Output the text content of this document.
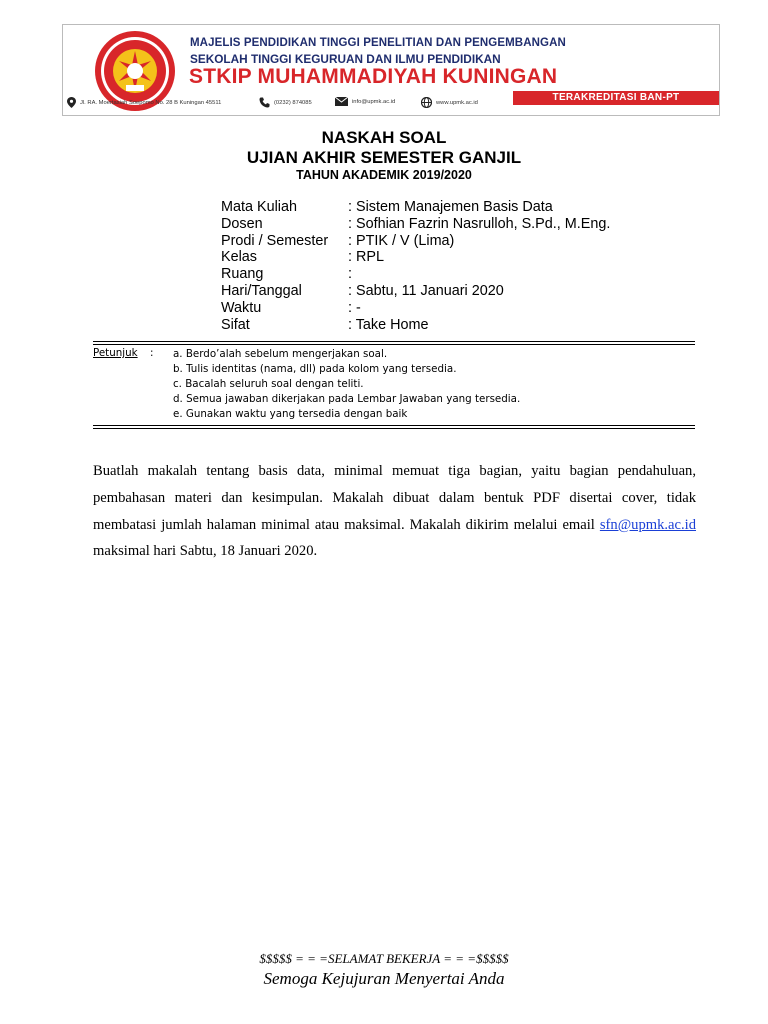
MAJELIS PENDIDIKAN TINGGI PENELITIAN DAN PENGEMBANGAN
SEKOLAH TINGGI KEGURUAN DAN ILMU PENDIDIKAN
STKIP MUHAMMADIYAH KUNINGAN
TERAKREDITASI BAN-PT
Jl. RA. Moertasiah Soepomo No. 28 B Kuningan 45511	(0232) 874085	info@upmk.ac.id	www.upmk.ac.id
NASKAH SOAL
UJIAN AKHIR SEMESTER GANJIL
TAHUN AKADEMIK 2019/2020
Mata Kuliah	: Sistem Manajemen Basis Data
Dosen	: Sofhian Fazrin Nasrulloh, S.Pd., M.Eng.
Prodi / Semester : PTIK / V (Lima)
Kelas	: RPL
Ruang	:
Hari/Tanggal	: Sabtu, 11 Januari 2020
Waktu	: -
Sifat	: Take Home
Petunjuk : a. Berdo’alah sebelum mengerjakan soal.
b. Tulis identitas (nama, dll) pada kolom yang tersedia.
c. Bacalah seluruh soal dengan teliti.
d. Semua jawaban dikerjakan pada Lembar Jawaban yang tersedia.
e. Gunakan waktu yang tersedia dengan baik
Buatlah makalah tentang basis data, minimal memuat tiga bagian, yaitu bagian pendahuluan, pembahasan materi dan kesimpulan. Makalah dibuat dalam bentuk PDF disertai cover, tidak membatasi jumlah halaman minimal atau maksimal. Makalah dikirim melalui email sfn@upmk.ac.id maksimal hari Sabtu, 18 Januari 2020.
$$$$$ = = =SELAMAT BEKERJA = = =$$$$$
Semoga Kejujuran Menyertai Anda
